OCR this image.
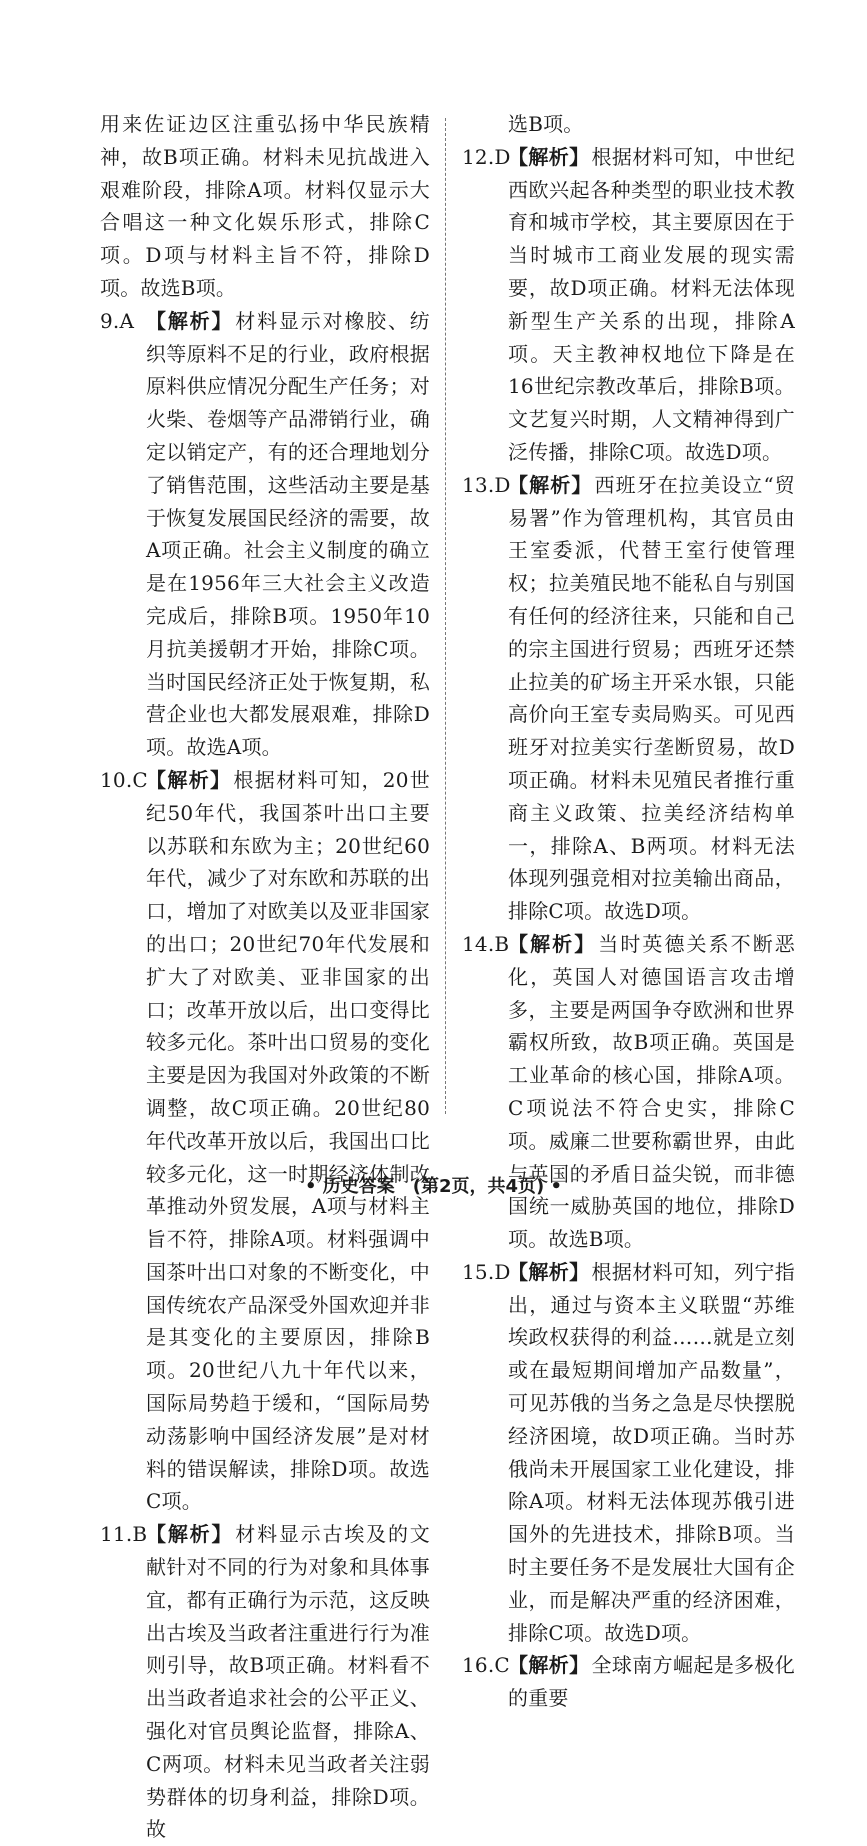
用来佐证边区注重弘扬中华民族精神，故B项正确。材料未见抗战进入艰难阶段，排除A项。材料仅显示大合唱这一种文化娱乐形式，排除C项。D项与材料主旨不符，排除D项。故选B项。

9.A 【解析】 材料显示对橡胶、纺织等原料不足的行业，政府根据原料供应情况分配生产任务；对火柴、卷烟等产品滞销行业，确定以销定产，有的还合理地划分了销售范围，这些活动主要是基于恢复发展国民经济的需要，故A项正确。社会主义制度的确立是在1956年三大社会主义改造完成后，排除B项。1950年10月抗美援朝才开始，排除C项。当时国民经济正处于恢复期，私营企业也大都发展艰难，排除D项。故选A项。
10.C
【解析】 根据材料可知，20世纪50年代，我国茶叶出口主要以苏联和东欧为主；20世纪60年代，减少了对东欧和苏联的出口，增加了对欧美以及亚非国家的出口；20世纪70年代发展和扩大了对欧美、亚非国家的出口；改革开放以后，出口变得比较多元化。茶叶出口贸易的变化主要是因为我国对外政策的不断调整，故C项正确。20世纪80年代改革开放以后，我国出口比较多元化，这一时期经济体制改革推动外贸发展，A项与材料主旨不符，排除A项。材料强调中国茶叶出口对象的不断变化，中国传统农产品深受外国欢迎并非是其变化的主要原因，排除B项。20世纪八九十年代以来，国际局势趋于缓和，“国际局势动荡影响中国经济发展”是对材料的错误解读，排除D项。故选C项。
11.B
【解析】 材料显示古埃及的文献针对不同的行为对象和具体事宜，都有正确行为示范，这反映出古埃及当政者注重进行行为准则引导，故B项正确。材料看不出当政者追求社会的公平正义、强化对官员舆论监督，排除A、C两项。材料未见当政者关注弱势群体的切身利益，排除D项。故

选B项。

12.D
【解析】 根据材料可知，中世纪西欧兴起各种类型的职业技术教育和城市学校，其主要原因在于当时城市工商业发展的现实需要，故D项正确。材料无法体现新型生产关系的出现，排除A项。天主教神权地位下降是在16世纪宗教改革后，排除B项。文艺复兴时期，人文精神得到广泛传播，排除C项。故选D项。
13.D
【解析】 西班牙在拉美设立“贸易署”作为管理机构，其官员由王室委派，代替王室行使管理权；拉美殖民地不能私自与别国有任何的经济往来，只能和自己的宗主国进行贸易；西班牙还禁止拉美的矿场主开采水银，只能高价向王室专卖局购买。可见西班牙对拉美实行垄断贸易，故D项正确。材料未见殖民者推行重商主义政策、拉美经济结构单一，排除A、B两项。材料无法体现列强竞相对拉美输出商品，排除C项。故选D项。
14.B
【解析】 当时英德关系不断恶化，英国人对德国语言攻击增多，主要是两国争夺欧洲和世界霸权所致，故B项正确。英国是工业革命的核心国，排除A项。C项说法不符合史实，排除C项。威廉二世要称霸世界，由此与英国的矛盾日益尖锐，而非德国统一威胁英国的地位，排除D项。故选B项。
15.D
【解析】 根据材料可知，列宁指出，通过与资本主义联盟“苏维埃政权获得的利益……就是立刻或在最短期间增加产品数量”，可见苏俄的当务之急是尽快摆脱经济困境，故D项正确。当时苏俄尚未开展国家工业化建设，排除A项。材料无法体现苏俄引进国外的先进技术，排除B项。当时主要任务不是发展壮大国有企业，而是解决严重的经济困难，排除C项。故选D项。
16.C
【解析】 全球南方崛起是多极化的重要
• 历史答案　(第2页，共4页) •
